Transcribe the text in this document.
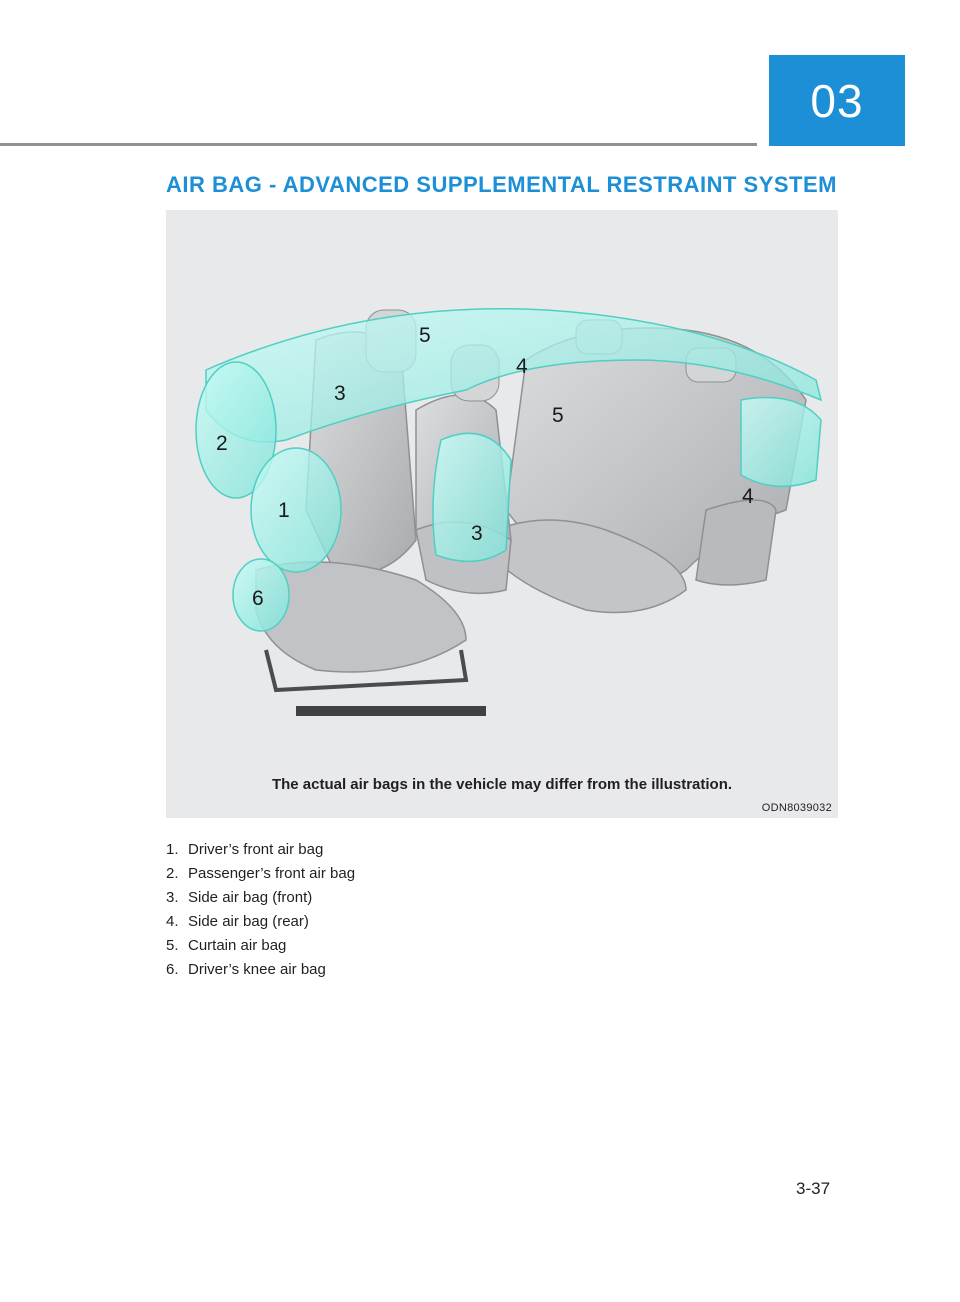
03
AIR BAG - ADVANCED SUPPLEMENTAL RESTRAINT SYSTEM
5
4
3
2
5
1
4
3
6
The actual air bags in the vehicle may differ from the illustration.
ODN8039032
1. Driver’s front air bag
2. Passenger’s front air bag
3. Side air bag (front)
4. Side air bag (rear)
5. Curtain air bag
6. Driver’s knee air bag
3-37
